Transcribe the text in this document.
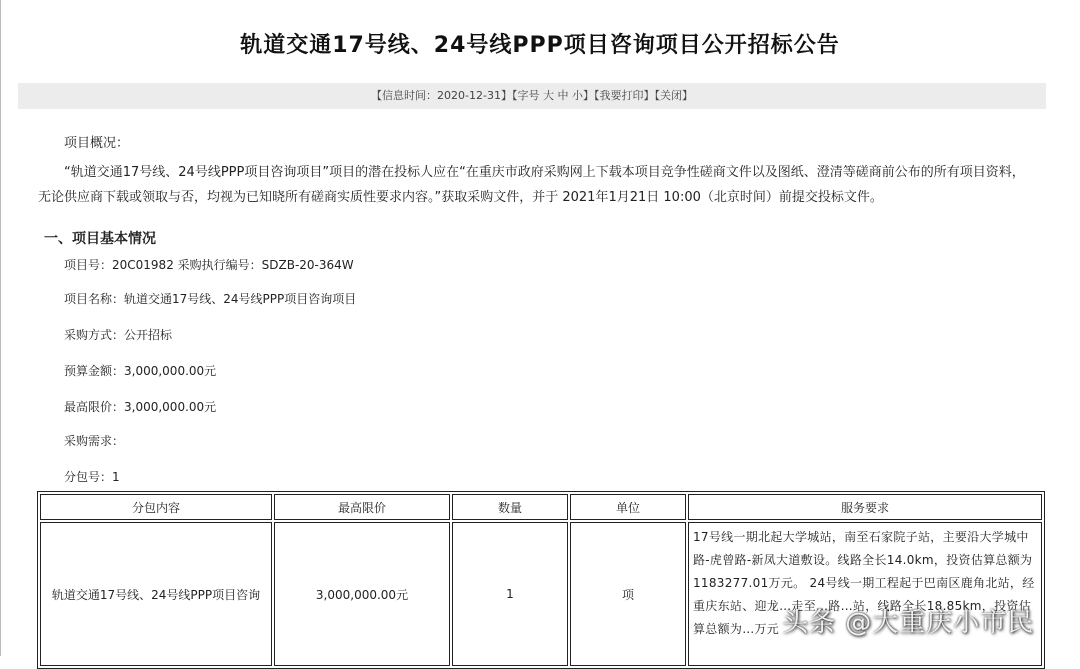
轨道交通17号线、24号线PPP项目咨询项目公开招标公告
【信息时间：2020-12-31】【字号 大 中 小】【我要打印】【关闭】
项目概况：
“轨道交通17号线、24号线PPP项目咨询项目”项目的潜在投标人应在“在重庆市政府采购网上下载本项目竞争性磋商文件以及图纸、澄清等磋商前公布的所有项目资料，无论供应商下载或领取与否，均视为已知晓所有磋商实质性要求内容。”获取采购文件，并于 2021年1月21日 10:00（北京时间）前提交投标文件。
一、项目基本情况
项目号：20C01982 采购执行编号：SDZB-20-364W
项目名称：轨道交通17号线、24号线PPP项目咨询项目
采购方式：公开招标
预算金额：3,000,000.00元
最高限价：3,000,000.00元
采购需求：
分包号：1
分包内容	最高限价	数量	单位	服务要求
轨道交通17号线、24号线PPP项目咨询	3,000,000.00元	1	项	17号线一期北起大学城站，南至石家院子站，主要沿大学城中路-虎曾路-新凤大道敷设。线路全长14.0km，投资估算总额为1183277.01万元。 24号线一期工程起于巴南区鹿角北站，经重庆东站、迎龙…走至…路…站，线路全长18.85km，投资估算总额为…万元 头条 @大重庆小市民
